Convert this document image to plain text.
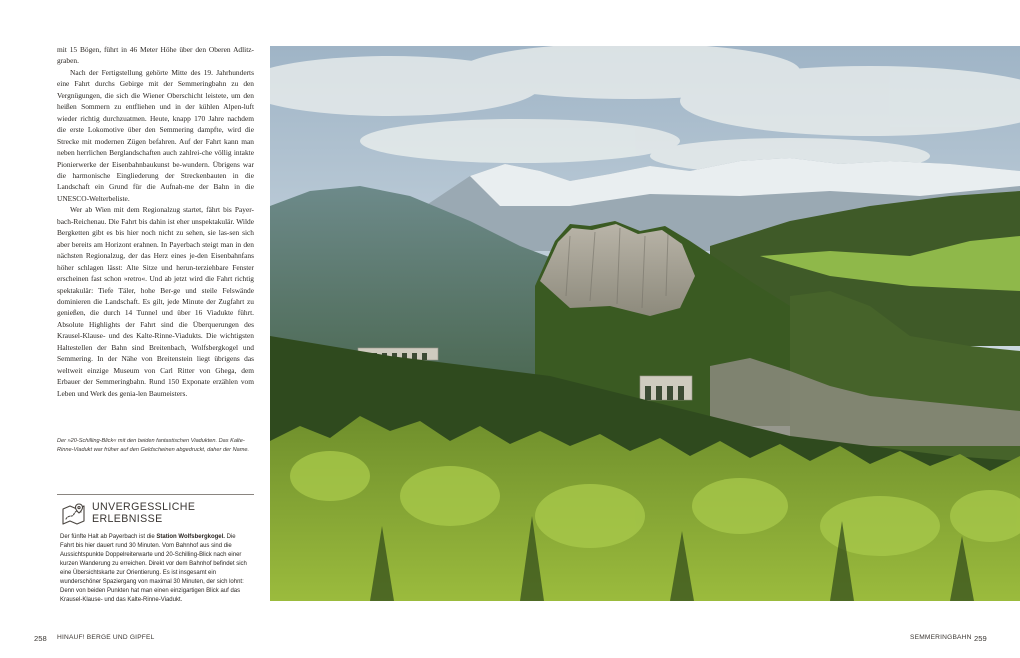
mit 15 Bögen, führt in 46 Meter Höhe über den Oberen Adlitz-graben.

Nach der Fertigstellung gehörte Mitte des 19. Jahrhunderts eine Fahrt durchs Gebirge mit der Semmeringbahn zu den Vergnügungen, die sich die Wiener Oberschicht leistete, um den heißen Sommern zu entfliehen und in der kühlen Alpen-luft wieder richtig durchzuatmen. Heute, knapp 170 Jahre nachdem die erste Lokomotive über den Semmering dampfte, wird die Strecke mit modernen Zügen befahren. Auf der Fahrt kann man neben herrlichen Berglandschaften auch zahlrei-che völlig intakte Pionierwerke der Eisenbahnbaukunst be-wundern. Übrigens war die harmonische Eingliederung der Streckenbauten in die Landschaft ein Grund für die Aufnah-me der Bahn in die UNESCO-Welterbeliste.

Wer ab Wien mit dem Regionalzug startet, fährt bis Payer-bach-Reichenau. Die Fahrt bis dahin ist eher unspektakulär. Wilde Bergketten gibt es bis hier noch nicht zu sehen, sie las-sen sich aber bereits am Horizont erahnen. In Payerbach steigt man in den nächsten Regionalzug, der das Herz eines je-den Eisenbahnfans höher schlagen lässt: Alte Sitze und herun-terziehbare Fenster erscheinen fast schon »retro«. Und ab jetzt wird die Fahrt richtig spektakulär: Tiefe Täler, hohe Ber-ge und steile Felswände dominieren die Landschaft. Es gilt, jede Minute der Zugfahrt zu genießen, die durch 14 Tunnel und über 16 Viadukte führt. Absolute Highlights der Fahrt sind die Überquerungen des Krausel-Klause- und des Kalte-Rinne-Viadukts. Die wichtigsten Haltestellen der Bahn sind Breitenbach, Wolfsbergkogel und Semmering. In der Nähe von Breitenstein liegt übrigens das weltweit einzige Museum von Carl Ritter von Ghega, dem Erbauer der Semmeringbahn. Rund 150 Exponate erzählen vom Leben und Werk des genia-len Baumeisters.

Der »20-Schilling-Blick« mit den beiden fantastischen Viadukten. Das Kalte-Rinne-Viadukt war früher auf den Geldscheinen abgedruckt, daher der Name.
UNVERGESSLICHE
ERLEBNISSE
Der fünfte Halt ab Payerbach ist die Station Wolfsbergkogel. Die Fahrt bis hier dauert rund 30 Minuten. Vom Bahnhof aus sind die Aussichtspunkte Doppelreiterwarte und 20-Schilling-Blick nach einer kurzen Wanderung zu erreichen. Direkt vor dem Bahnhof befindet sich eine Übersichtskarte zur Orientierung. Es ist insgesamt ein wunderschöner Spaziergang von maximal 30 Minuten, der sich lohnt: Denn von beiden Punkten hat man einen einzigartigen Blick auf das Krausel-Klause- und das Kalte-Rinne-Viadukt.
258 HINAUF! BERGE UND GIPFEL	SEMMERINGBAHN 259
